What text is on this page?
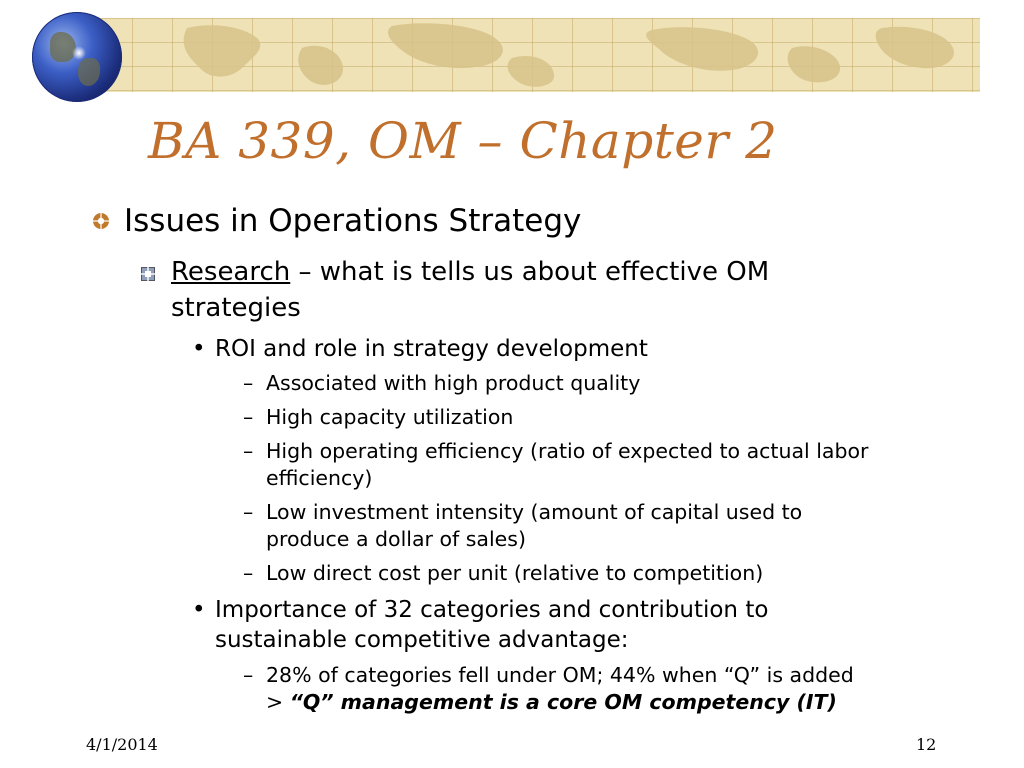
BA 339, OM – Chapter 2
Issues in Operations Strategy
Research – what is tells us about effective OM
strategies
• ROI and role in strategy development
– Associated with high product quality
– High capacity utilization
– High operating efficiency (ratio of expected to actual labor
efficiency)
– Low investment intensity (amount of capital used to
produce a dollar of sales)
– Low direct cost per unit (relative to competition)
• Importance of 32 categories and contribution to
sustainable competitive advantage:
– 28% of categories fell under OM; 44% when “Q” is added
> “Q” management is a core OM competency (IT)
4/1/2014	12
